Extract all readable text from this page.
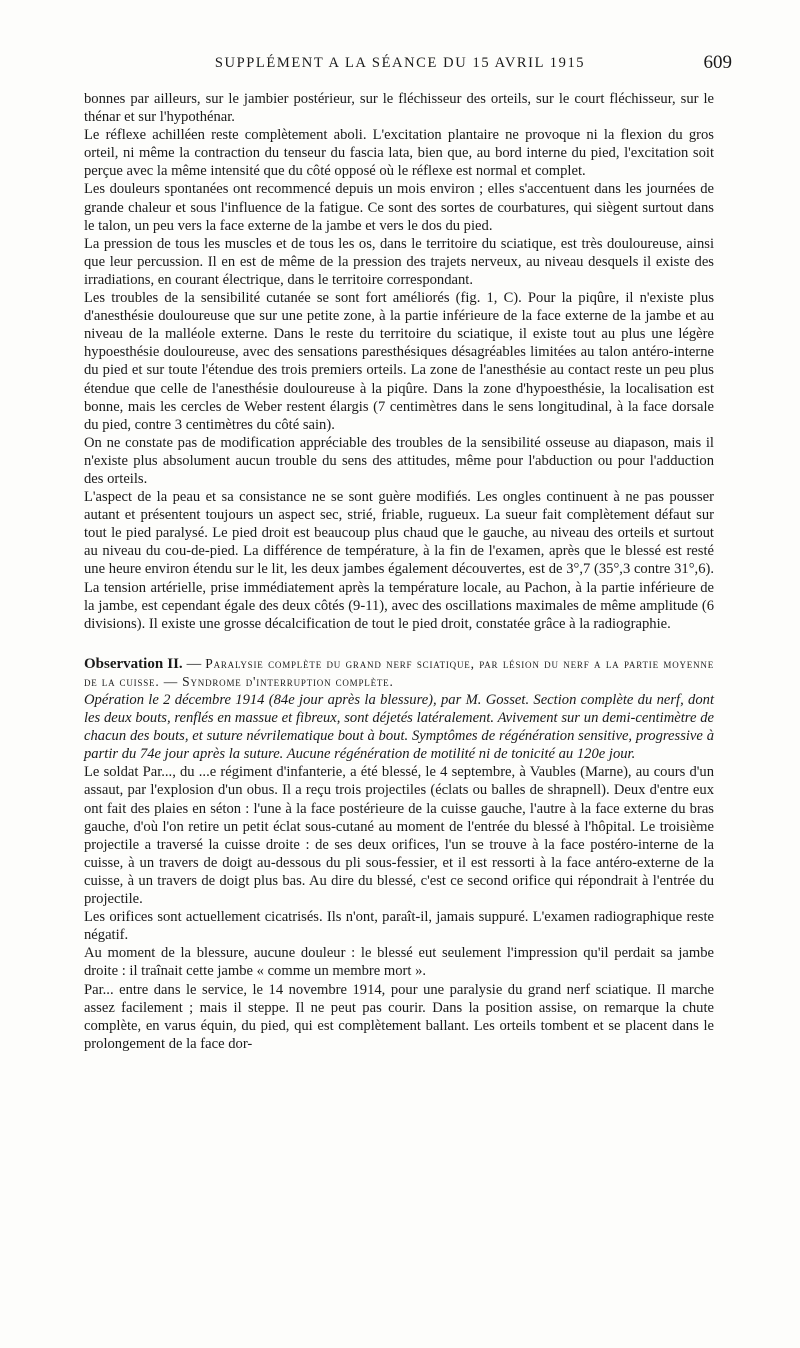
SUPPLÉMENT A LA SÉANCE DU 15 AVRIL 1915	609

bonnes par ailleurs, sur le jambier postérieur, sur le fléchisseur des orteils, sur le court fléchisseur, sur le thénar et sur l'hypothénar.

Le réflexe achilléen reste complètement aboli. L'excitation plantaire ne provoque ni la flexion du gros orteil, ni même la contraction du tenseur du fascia lata, bien que, au bord interne du pied, l'excitation soit perçue avec la même intensité que du côté opposé où le réflexe est normal et complet.

Les douleurs spontanées ont recommencé depuis un mois environ ; elles s'accentuent dans les journées de grande chaleur et sous l'influence de la fatigue. Ce sont des sortes de courbatures, qui siègent surtout dans le talon, un peu vers la face externe de la jambe et vers le dos du pied.

La pression de tous les muscles et de tous les os, dans le territoire du sciatique, est très douloureuse, ainsi que leur percussion. Il en est de même de la pression des trajets nerveux, au niveau desquels il existe des irradiations, en courant électrique, dans le territoire correspondant.

Les troubles de la sensibilité cutanée se sont fort améliorés (fig. 1, C). Pour la piqûre, il n'existe plus d'anesthésie douloureuse que sur une petite zone, à la partie inférieure de la face externe de la jambe et au niveau de la malléole externe. Dans le reste du territoire du sciatique, il existe tout au plus une légère hypoesthésie douloureuse, avec des sensations paresthésiques désagréables limitées au talon antéro-interne du pied et sur toute l'étendue des trois premiers orteils. La zone de l'anesthésie au contact reste un peu plus étendue que celle de l'anesthésie douloureuse à la piqûre. Dans la zone d'hypoesthésie, la localisation est bonne, mais les cercles de Weber restent élargis (7 centimètres dans le sens longitudinal, à la face dorsale du pied, contre 3 centimètres du côté sain).

On ne constate pas de modification appréciable des troubles de la sensibilité osseuse au diapason, mais il n'existe plus absolument aucun trouble du sens des attitudes, même pour l'abduction ou pour l'adduction des orteils.

L'aspect de la peau et sa consistance ne se sont guère modifiés. Les ongles continuent à ne pas pousser autant et présentent toujours un aspect sec, strié, friable, rugueux. La sueur fait complètement défaut sur tout le pied paralysé. Le pied droit est beaucoup plus chaud que le gauche, au niveau des orteils et surtout au niveau du cou-de-pied. La différence de température, à la fin de l'examen, après que le blessé est resté une heure environ étendu sur le lit, les deux jambes également découvertes, est de 3°,7 (35°,3 contre 31°,6). La tension artérielle, prise immédiatement après la température locale, au Pachon, à la partie inférieure de la jambe, est cependant égale des deux côtés (9-11), avec des oscillations maximales de même amplitude (6 divisions). Il existe une grosse décalcification de tout le pied droit, constatée grâce à la radiographie.

Observation II. — Paralysie complète du grand nerf sciatique, par lésion du nerf a la partie moyenne de la cuisse. — Syndrome d'interruption complète.

Opération le 2 décembre 1914 (84e jour après la blessure), par M. Gosset. Section complète du nerf, dont les deux bouts, renflés en massue et fibreux, sont déjetés latéralement. Avivement sur un demi-centimètre de chacun des bouts, et suture névrilematique bout à bout. Symptômes de régénération sensitive, progressive à partir du 74e jour après la suture. Aucune régénération de motilité ni de tonicité au 120e jour.

Le soldat Par..., du ...e régiment d'infanterie, a été blessé, le 4 septembre, à Vaubles (Marne), au cours d'un assaut, par l'explosion d'un obus. Il a reçu trois projectiles (éclats ou balles de shrapnell). Deux d'entre eux ont fait des plaies en séton : l'une à la face postérieure de la cuisse gauche, l'autre à la face externe du bras gauche, d'où l'on retire un petit éclat sous-cutané au moment de l'entrée du blessé à l'hôpital. Le troisième projectile a traversé la cuisse droite : de ses deux orifices, l'un se trouve à la face postéro-interne de la cuisse, à un travers de doigt au-dessous du pli sous-fessier, et il est ressorti à la face antéro-externe de la cuisse, à un travers de doigt plus bas. Au dire du blessé, c'est ce second orifice qui répondrait à l'entrée du projectile.

Les orifices sont actuellement cicatrisés. Ils n'ont, paraît-il, jamais suppuré. L'examen radiographique reste négatif.

Au moment de la blessure, aucune douleur : le blessé eut seulement l'impression qu'il perdait sa jambe droite : il traînait cette jambe « comme un membre mort ».

Par... entre dans le service, le 14 novembre 1914, pour une paralysie du grand nerf sciatique. Il marche assez facilement ; mais il steppe. Il ne peut pas courir. Dans la position assise, on remarque la chute complète, en varus équin, du pied, qui est complètement ballant. Les orteils tombent et se placent dans le prolongement de la face dor-
